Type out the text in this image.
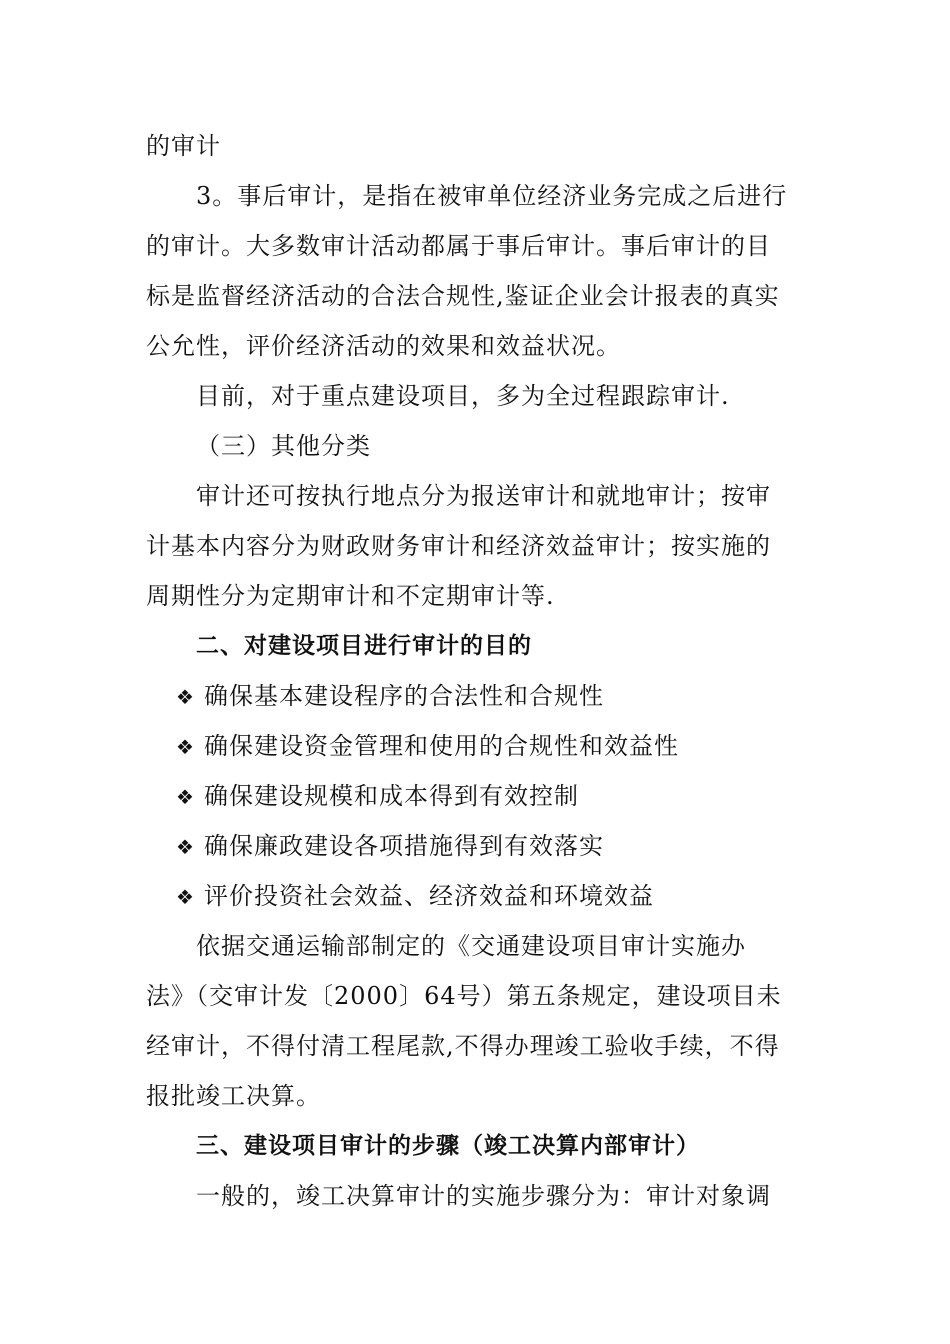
的审计
3。事后审计，是指在被审单位经济业务完成之后进行
的审计。大多数审计活动都属于事后审计。事后审计的目
标是监督经济活动的合法合规性,鉴证企业会计报表的真实
公允性，评价经济活动的效果和效益状况。
目前，对于重点建设项目，多为全过程跟踪审计.
（三）其他分类
审计还可按执行地点分为报送审计和就地审计；按审
计基本内容分为财政财务审计和经济效益审计；按实施的
周期性分为定期审计和不定期审计等.
二、对建设项目进行审计的目的
❖ 确保基本建设程序的合法性和合规性
❖ 确保建设资金管理和使用的合规性和效益性
❖ 确保建设规模和成本得到有效控制
❖ 确保廉政建设各项措施得到有效落实
❖ 评价投资社会效益、经济效益和环境效益
依据交通运输部制定的《交通建设项目审计实施办
法》（交审计发〔2000〕64号）第五条规定，建设项目未
经审计，不得付清工程尾款,不得办理竣工验收手续，不得
报批竣工决算。
三、建设项目审计的步骤（竣工决算内部审计）
一般的，竣工决算审计的实施步骤分为：审计对象调
